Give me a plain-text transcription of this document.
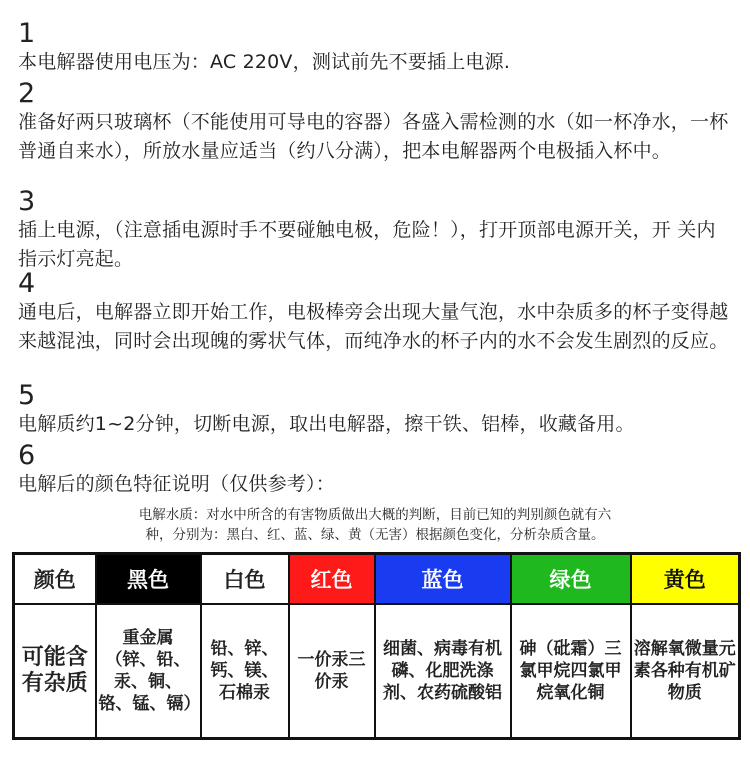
1
本电解器使用电压为：AC 220V，测试前先不要插上电源.
2
准备好两只玻璃杯（不能使用可导电的容器）各盛入需检测的水（如一杯净水，一杯普通自来水），所放水量应适当（约八分满），把本电解器两个电极插入杯中。
3
插上电源，（注意插电源时手不要碰触电极，危险！），打开顶部电源开关，开 关内指示灯亮起。
4
通电后，电解器立即开始工作，电极棒旁会出现大量气泡，水中杂质多的杯子变得越来越混浊，同时会出现魄的雾状气体，而纯净水的杯子内的水不会发生剧烈的反应。
5
电解质约1~2分钟，切断电源，取出电解器，擦干铁、铝棒，收藏备用。
6
电解后的颜色特征说明（仅供参考）：
电解水质：对水中所含的有害物质做出大概的判断，目前已知的判别颜色就有六
种，分别为：黑白、红、蓝、绿、黄（无害）根据颜色变化，分析杂质含量。
颜色	黑色	白色	红色	蓝色	绿色	黄色
可能含有杂质	重金属（锌、铅、汞、铜、铬、锰、镉）	铅、锌、钙、镁、石棉汞	一价汞三价汞	细菌、病毒有机磷、化肥洗涤剂、农药硫酸铝	砷（砒霜）三氯甲烷四氯甲烷氧化铜	溶解氧微量元素各种有机矿物质
